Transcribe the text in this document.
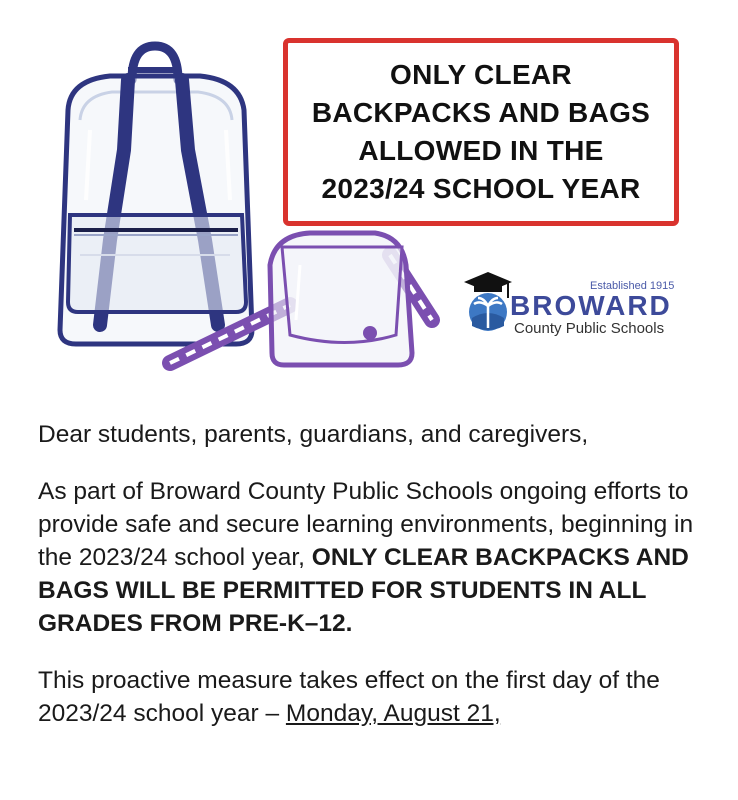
ONLY CLEAR
BACKPACKS AND BAGS
ALLOWED IN THE
2023/24 SCHOOL YEAR
Established 1915
BROWARD
County Public Schools

Dear students, parents, guardians, and caregivers,

As part of Broward County Public Schools ongoing efforts to provide safe and secure learning environments, beginning in the 2023/24 school year, ONLY CLEAR BACKPACKS AND BAGS WILL BE PERMITTED FOR STUDENTS IN ALL GRADES FROM PRE-K–12.

This proactive measure takes effect on the first day of the 2023/24 school year – Monday, August 21,
